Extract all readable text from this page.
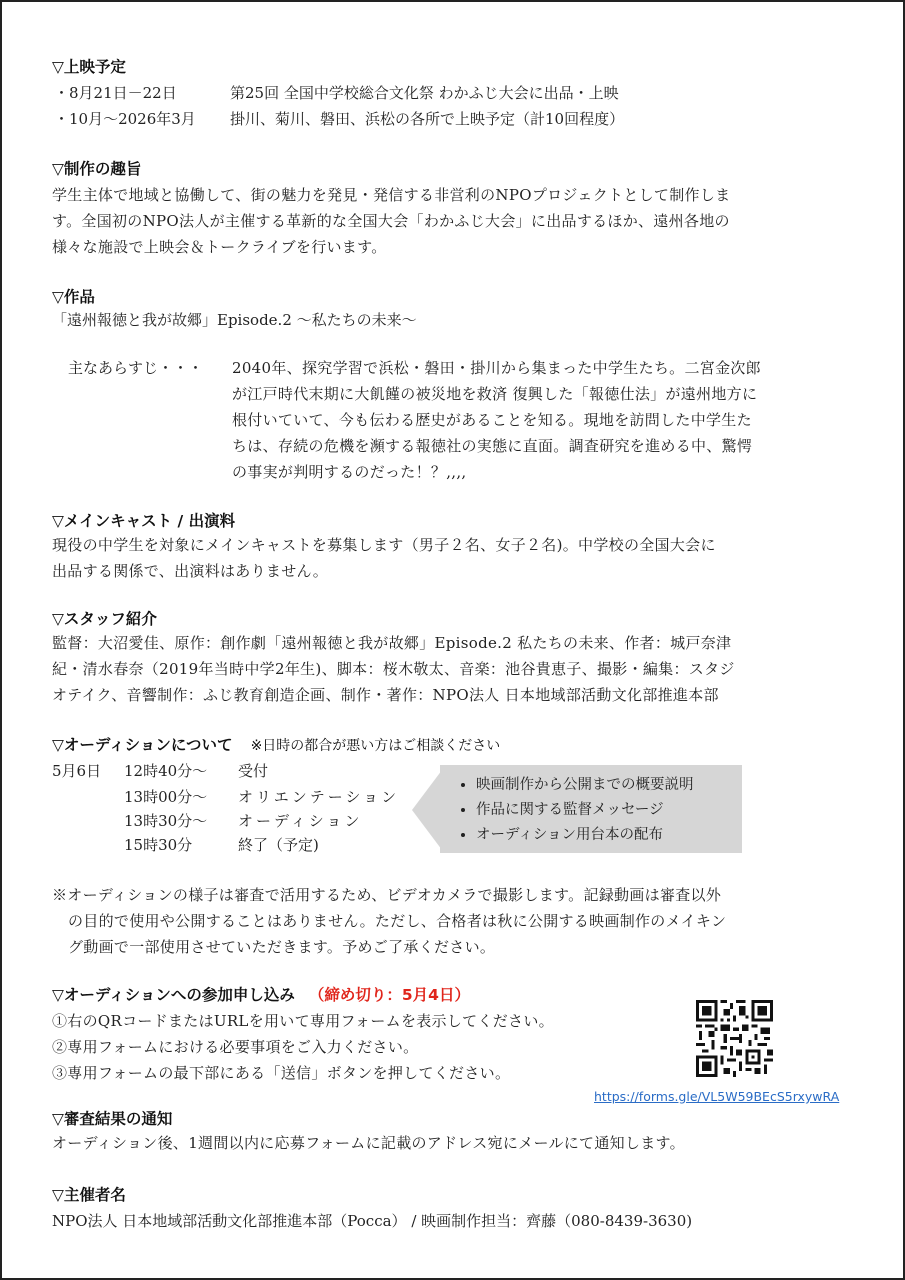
▽上映予定
・8月21日－22日	第25回 全国中学校総合文化祭 わかふじ大会に出品・上映
・10月～2026年3月 掛川、菊川、磐田、浜松の各所で上映予定（計10回程度）
▽制作の趣旨
学生主体で地域と協働して、街の魅力を発見・発信する非営利のNPOプロジェクトとして制作しま
す。全国初のNPO法人が主催する革新的な全国大会「わかふじ大会」に出品するほか、遠州各地の
様々な施設で上映会＆トークライブを行います。
▽作品
「遠州報徳と我が故郷」Episode.2 ～私たちの未来～
主なあらすじ・・・ 2040年、探究学習で浜松・磐田・掛川から集まった中学生たち。二宮金次郎
が江戸時代末期に大飢饉の被災地を救済 復興した「報徳仕法」が遠州地方に
根付いていて、今も伝わる歴史があることを知る。現地を訪問した中学生た
ちは、存続の危機を瀕する報徳社の実態に直面。調査研究を進める中、驚愕
の事実が判明するのだった！？,,,,
▽メインキャスト / 出演料
現役の中学生を対象にメインキャストを募集します（男子２名、女子２名)。中学校の全国大会に
出品する関係で、出演料はありません。
▽スタッフ紹介
監督：大沼愛佳、原作：創作劇「遠州報徳と我が故郷」Episode.2 私たちの未来、作者：城戸奈津
紀・清水春奈（2019年当時中学2年生)、脚本：桜木敬太、音楽：池谷貴恵子、撮影・編集：スタジ
オテイク、音響制作：ふじ教育創造企画、制作・著作：NPO法人 日本地域部活動文化部推進本部
▽オーディションについて ※日時の都合が悪い方はご相談ください
5月6日 12時40分～ 受付
13時00分～ オリエンテーション
13時30分～ オーディション
15時30分	終了（予定)
• 映画制作から公開までの概要説明
• 作品に関する監督メッセージ
• オーディション用台本の配布
※オーディションの様子は審査で活用するため、ビデオカメラで撮影します。記録動画は審査以外
の目的で使用や公開することはありません。ただし、合格者は秋に公開する映画制作のメイキン
グ動画で一部使用させていただきます。予めご了承ください。
▽オーディションへの参加申し込み （締め切り：5月4日）
①右のQRコードまたはURLを用いて専用フォームを表示してください。
②専用フォームにおける必要事項をご入力ください。
③専用フォームの最下部にある「送信」ボタンを押してください。
https://forms.gle/VL5W59BEcS5rxywRA
▽審査結果の通知
オーディション後、1週間以内に応募フォームに記載のアドレス宛にメールにて通知します。
▽主催者名
NPO法人 日本地域部活動文化部推進本部（Pocca） / 映画制作担当：齊藤（080-8439-3630)
